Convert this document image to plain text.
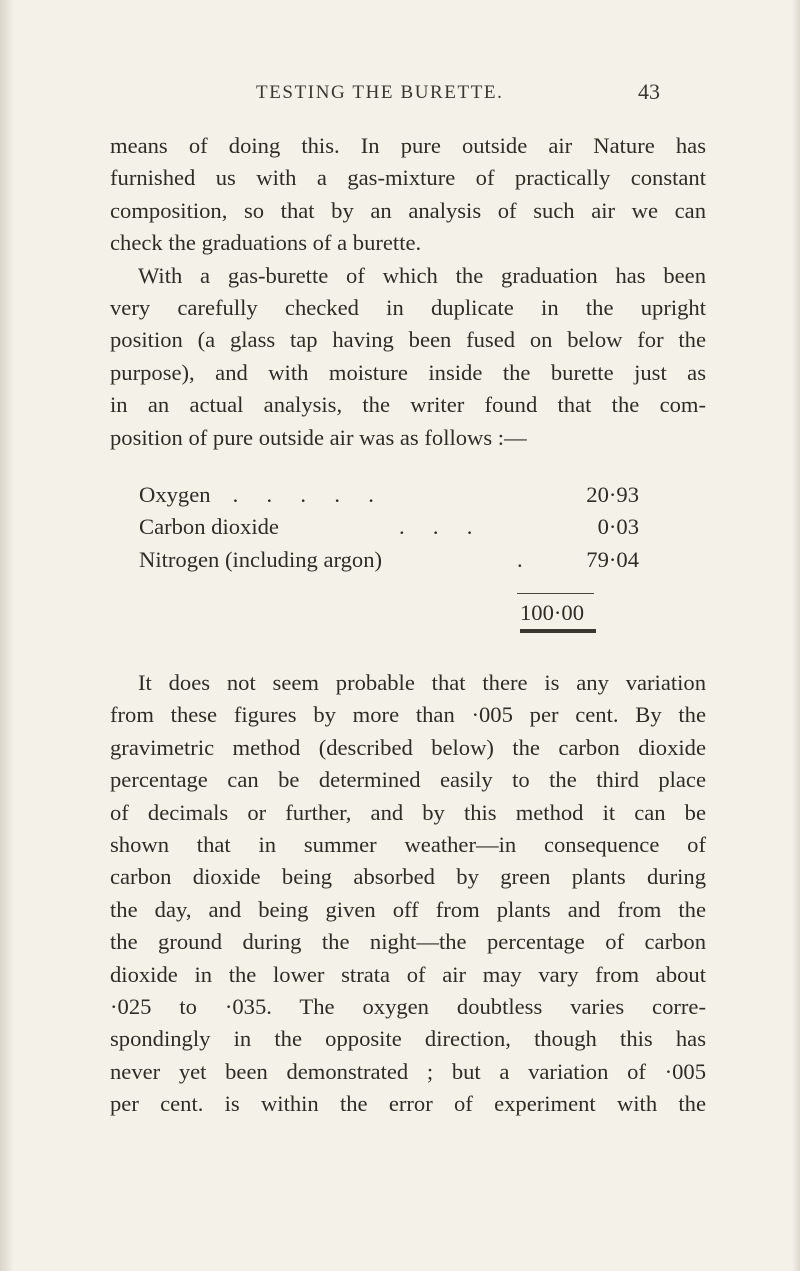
TESTING THE BURETTE.	43
means of doing this. In pure outside air Nature has
furnished us with a gas-mixture of practically constant
composition, so that by an analysis of such air we can
check the graduations of a burette.
With a gas-burette of which the graduation has been
very carefully checked in duplicate in the upright
position (a glass tap having been fused on below for the
purpose), and with moisture inside the burette just as
in an actual analysis, the writer found that the com-
position of pure outside air was as follows :—
Oxygen .     .     .     .     .	20·93
Carbon dioxide	.     .     .	0·03
Nitrogen (including argon)	.	79·04
100·00
It does not seem probable that there is any variation
from these figures by more than ·005 per cent. By the
gravimetric method (described below) the carbon dioxide
percentage can be determined easily to the third place
of decimals or further, and by this method it can be
shown that in summer weather—in consequence of
carbon dioxide being absorbed by green plants during
the day, and being given off from plants and from the
the ground during the night—the percentage of carbon
dioxide in the lower strata of air may vary from about
·025 to ·035. The oxygen doubtless varies corre-
spondingly in the opposite direction, though this has
never yet been demonstrated ; but a variation of ·005
per cent. is within the error of experiment with the
